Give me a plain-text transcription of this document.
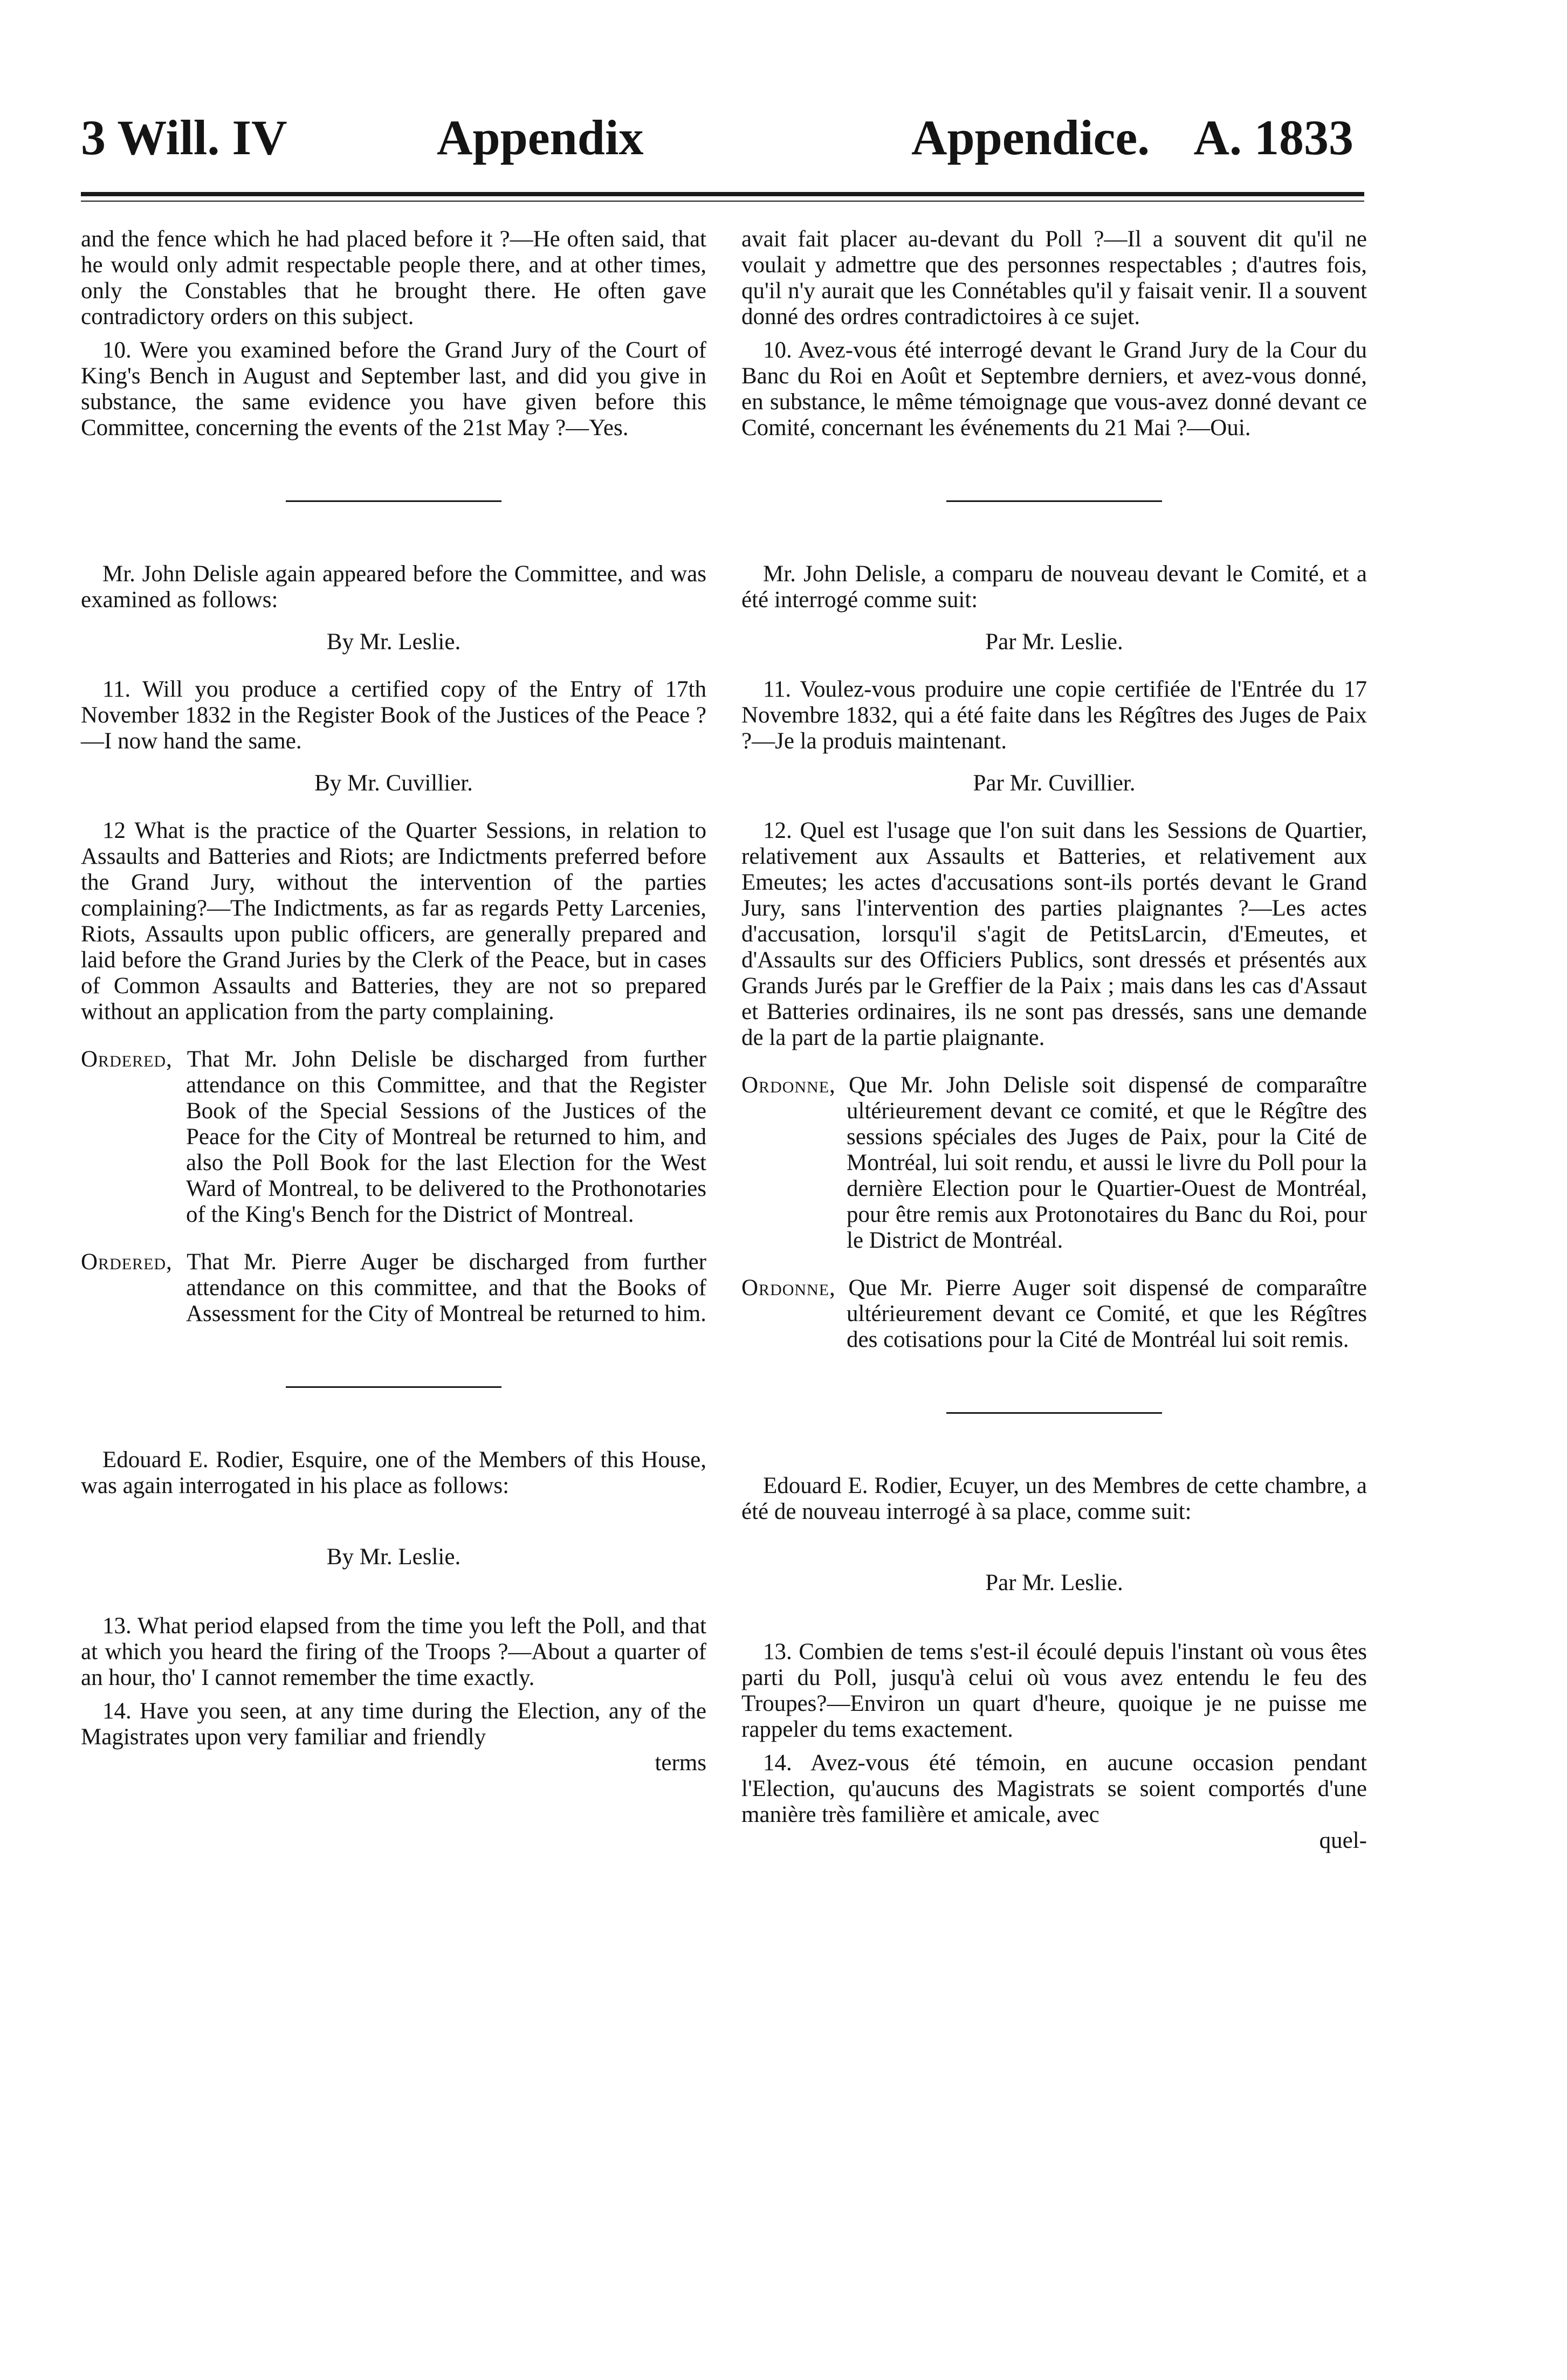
3 Will. IV	Appendix	Appendice. A. 1833

and the fence which he had placed before it ?—He often said, that he would only admit respectable people there, and at other times, only the Constables that he brought there. He often gave contradictory orders on this subject.

10. Were you examined before the Grand Jury of the Court of King's Bench in August and September last, and did you give in substance, the same evidence you have given before this Committee, concerning the events of the 21st May ?—Yes.

Mr. John Delisle again appeared before the Committee, and was examined as follows:

By Mr. Leslie.

11. Will you produce a certified copy of the Entry of 17th November 1832 in the Register Book of the Justices of the Peace ?—I now hand the same.

By Mr. Cuvillier.

12 What is the practice of the Quarter Sessions, in relation to Assaults and Batteries and Riots; are Indictments preferred before the Grand Jury, without the intervention of the parties complaining?—The Indictments, as far as regards Petty Larcenies, Riots, Assaults upon public officers, are generally prepared and laid before the Grand Juries by the Clerk of the Peace, but in cases of Common Assaults and Batteries, they are not so prepared without an application from the party complaining.

Ordered, That Mr. John Delisle be discharged from further attendance on this Committee, and that the Register Book of the Special Sessions of the Justices of the Peace for the City of Montreal be returned to him, and also the Poll Book for the last Election for the West Ward of Montreal, to be delivered to the Prothonotaries of the King's Bench for the District of Montreal.

Ordered, That Mr. Pierre Auger be discharged from further attendance on this committee, and that the Books of Assessment for the City of Montreal be returned to him.

Edouard E. Rodier, Esquire, one of the Members of this House, was again interrogated in his place as follows:

By Mr. Leslie.

13. What period elapsed from the time you left the Poll, and that at which you heard the firing of the Troops ?—About a quarter of an hour, tho' I cannot remember the time exactly.

14. Have you seen, at any time during the Election, any of the Magistrates upon very familiar and friendly

terms

avait fait placer au-devant du Poll ?—Il a souvent dit qu'il ne voulait y admettre que des personnes respectables ; d'autres fois, qu'il n'y aurait que les Connétables qu'il y faisait venir. Il a souvent donné des ordres contradictoires à ce sujet.

10. Avez-vous été interrogé devant le Grand Jury de la Cour du Banc du Roi en Août et Septembre derniers, et avez-vous donné, en substance, le même témoignage que vous-avez donné devant ce Comité, concernant les événements du 21 Mai ?—Oui.

Mr. John Delisle, a comparu de nouveau devant le Comité, et a été interrogé comme suit:

Par Mr. Leslie.

11. Voulez-vous produire une copie certifiée de l'Entrée du 17 Novembre 1832, qui a été faite dans les Régîtres des Juges de Paix ?—Je la produis maintenant.

Par Mr. Cuvillier.

12. Quel est l'usage que l'on suit dans les Sessions de Quartier, relativement aux Assaults et Batteries, et relativement aux Emeutes; les actes d'accusations sont-ils portés devant le Grand Jury, sans l'intervention des parties plaignantes ?—Les actes d'accusation, lorsqu'il s'agit de PetitsLarcin, d'Emeutes, et d'Assaults sur des Officiers Publics, sont dressés et présentés aux Grands Jurés par le Greffier de la Paix ; mais dans les cas d'Assaut et Batteries ordinaires, ils ne sont pas dressés, sans une demande de la part de la partie plaignante.

Ordonne, Que Mr. John Delisle soit dispensé de comparaître ultérieurement devant ce comité, et que le Régître des sessions spéciales des Juges de Paix, pour la Cité de Montréal, lui soit rendu, et aussi le livre du Poll pour la dernière Election pour le Quartier-Ouest de Montréal, pour être remis aux Protonotaires du Banc du Roi, pour le District de Montréal.

Ordonne, Que Mr. Pierre Auger soit dispensé de comparaître ultérieurement devant ce Comité, et que les Régîtres des cotisations pour la Cité de Montréal lui soit remis.

Edouard E. Rodier, Ecuyer, un des Membres de cette chambre, a été de nouveau interrogé à sa place, comme suit:

Par Mr. Leslie.

13. Combien de tems s'est-il écoulé depuis l'instant où vous êtes parti du Poll, jusqu'à celui où vous avez entendu le feu des Troupes?—Environ un quart d'heure, quoique je ne puisse me rappeler du tems exactement.

14. Avez-vous été témoin, en aucune occasion pendant l'Election, qu'aucuns des Magistrats se soient comportés d'une manière très familière et amicale, avec

quel-
